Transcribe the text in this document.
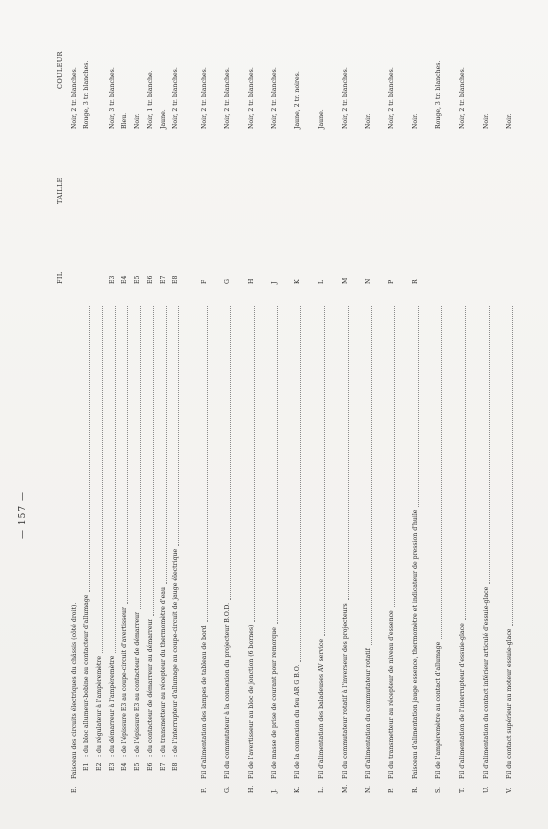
— 157 —
FIL
TAILLE
COULEUR
E.
Faisceau des circuits électriques du châssis (côté droit).
Noir, 2 tr. blanches.
E1
: du bloc allumeur-bobine au contacteur d'allumage
Rouge, 3 tr. blanches.
E2
: du régulateur à l'ampèremètre
E3
: du démarreur à l'ampèremètre
E3
Noir, 3 tr. blanches.
E4
: de l'épissure E3 au coupe-circuit d'avertisseur
E4
Bleu.
E5
: de l'épissure E3 au contacteur de démarreur
E5
Noir.
E6
: du contacteur de démarreur au démarreur
E6
Noir, 1 tr. blanche.
E7
: du transmetteur au récepteur du thermomètre d'eau
E7
Jaune.
E8
: de l'interrupteur d'allumage au coupe-circuit de jauge électrique
E8
Noir, 2 tr. blanches.
F.
Fil d'alimentation des lampes de tableau de bord
F
Noir, 2 tr. blanches.
G.
Fil du commutateur à la connexion du projecteur B.O.D.
G
Noir, 2 tr. blanches.
H.
Fil de l'avertisseur au bloc de jonction (6 bornes)
H
Noir, 2 tr. blanches.
J.
Fil de masse de prise de courant pour remorque
J
Noir, 2 tr. blanches.
K.
Fil de la connexion du feu AR G B.O.
K
Jaune, 2 tr. noires.
L.
Fil d'alimentation des baladeuses AV service
L
Jaune.
M.
Fil du commutateur rotatif à l'inverseur des projecteurs
M
Noir, 2 tr. blanches.
N.
Fil d'alimentation du commutateur rotatif
N
Noir.
P.
Fil du transmetteur au récepteur de niveau d'essence
P
Noir, 2 tr. blanches.
R.
Faisceau d'alimentation jauge essence, thermomètre et indicateur de pression d'huile
R
Noir.
S.
Fil de l'ampèremètre au contact d'allumage
Rouge, 3 tr. blanches.
T.
Fil d'alimentation de l'interrupteur d'essuie-glace
Noir, 2 tr. blanches.
U.
Fil d'alimentation du contact inférieur articulé d'essuie-glace
Noir.
V.
Fil du contact supérieur au moteur essuie-glace
Noir.
